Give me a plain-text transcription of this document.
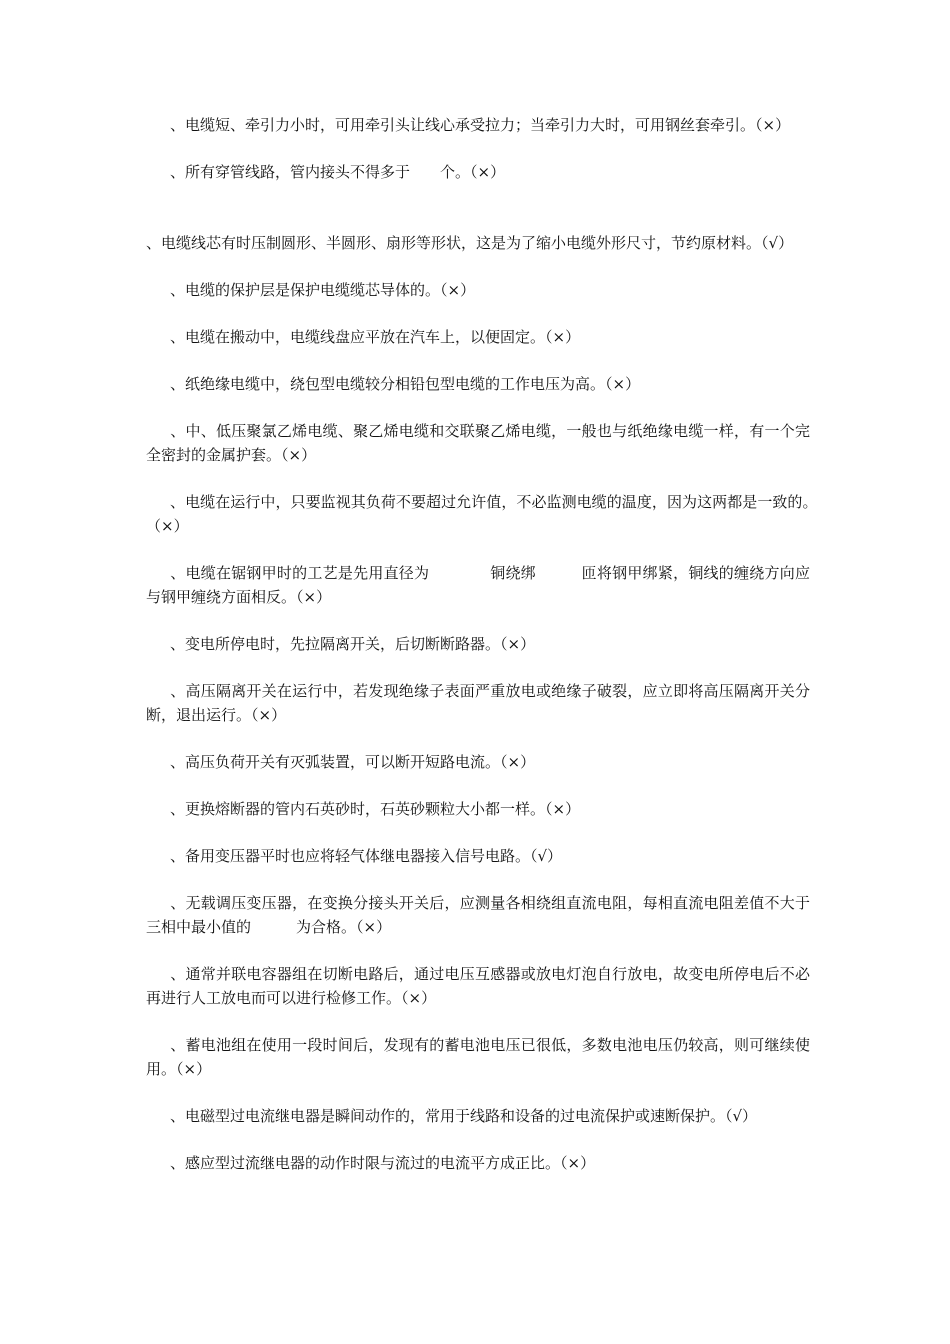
、电缆短、牵引力小时，可用牵引头让线心承受拉力；当牵引力大时，可用钢丝套牵引。（×）

、所有穿管线路，管内接头不得多于　　个。（×）

、电缆线芯有时压制圆形、半圆形、扇形等形状，这是为了缩小电缆外形尺寸，节约原材料。（√）

、电缆的保护层是保护电缆缆芯导体的。（×）

、电缆在搬动中，电缆线盘应平放在汽车上，以便固定。（×）

、纸绝缘电缆中，绕包型电缆较分相铅包型电缆的工作电压为高。（×）

、中、低压聚氯乙烯电缆、聚乙烯电缆和交联聚乙烯电缆，一般也与纸绝缘电缆一样，有一个完全密封的金属护套。（×）

、电缆在运行中，只要监视其负荷不要超过允许值，不必监测电缆的温度，因为这两都是一致的。　　　　（×）

、电缆在锯钢甲时的工艺是先用直径为　　　　铜绕绑　　　匝将钢甲绑紧，铜线的缠绕方向应与钢甲缠绕方面相反。（×）

、变电所停电时，先拉隔离开关，后切断断路器。（×）

、高压隔离开关在运行中，若发现绝缘子表面严重放电或绝缘子破裂，应立即将高压隔离开关分断，退出运行。（×）

、高压负荷开关有灭弧装置，可以断开短路电流。（×）

、更换熔断器的管内石英砂时，石英砂颗粒大小都一样。（×）

、备用变压器平时也应将轻气体继电器接入信号电路。（√）

、无载调压变压器，在变换分接头开关后，应测量各相绕组直流电阻，每相直流电阻差值不大于三相中最小值的　　　为合格。（×）

、通常并联电容器组在切断电路后，通过电压互感器或放电灯泡自行放电，故变电所停电后不必再进行人工放电而可以进行检修工作。（×）

、蓄电池组在使用一段时间后，发现有的蓄电池电压已很低，多数电池电压仍较高，则可继续使用。（×）

、电磁型过电流继电器是瞬间动作的，常用于线路和设备的过电流保护或速断保护。（√）

、感应型过流继电器的动作时限与流过的电流平方成正比。（×）
